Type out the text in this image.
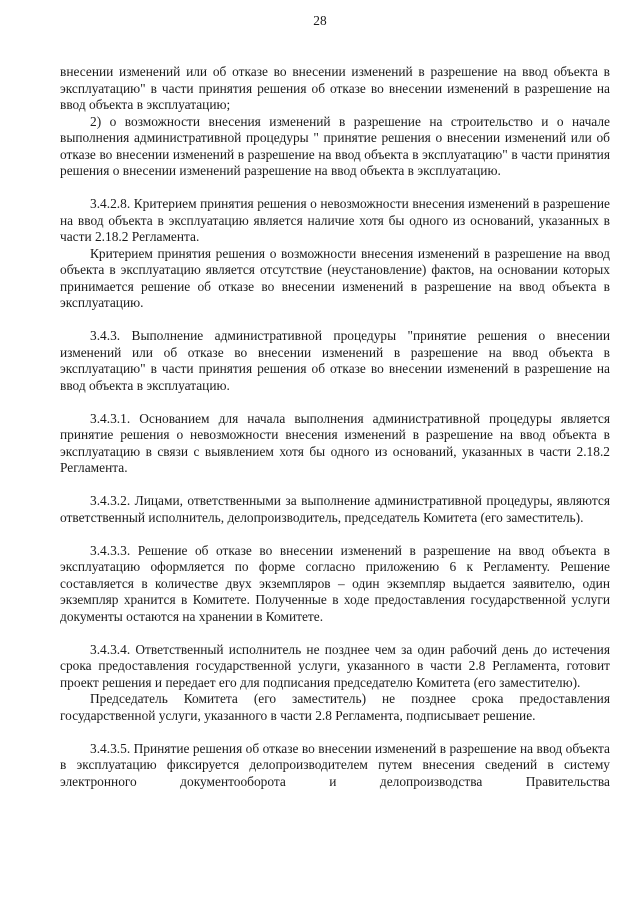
28

внесении изменений или об отказе во внесении изменений в разрешение на ввод объекта в эксплуатацию" в части принятия решения об отказе во внесении изменений в разрешение на ввод объекта в эксплуатацию;

2) о возможности внесения изменений в разрешение на строительство и о начале выполнения административной процедуры " принятие решения о внесении изменений или об отказе во внесении изменений в разрешение на ввод объекта в эксплуатацию" в части принятия решения о внесении изменений разрешение на ввод объекта в эксплуатацию.

3.4.2.8. Критерием принятия решения о невозможности внесения изменений в разрешение на ввод объекта в эксплуатацию является наличие хотя бы одного из оснований, указанных в части 2.18.2 Регламента.

Критерием принятия решения о возможности внесения изменений в разрешение на ввод объекта в эксплуатацию является отсутствие (неустановление) фактов, на основании которых принимается решение об отказе во внесении изменений в разрешение на ввод объекта в эксплуатацию.

3.4.3. Выполнение административной процедуры "принятие решения о внесении изменений или об отказе во внесении изменений в разрешение на ввод объекта в эксплуатацию" в части принятия решения об отказе во внесении изменений в разрешение на ввод объекта в эксплуатацию.

3.4.3.1. Основанием для начала выполнения административной процедуры является принятие решения о невозможности внесения изменений в разрешение на ввод объекта в эксплуатацию в связи с выявлением хотя бы одного из оснований, указанных в части 2.18.2 Регламента.

3.4.3.2. Лицами, ответственными за выполнение административной процедуры, являются ответственный исполнитель, делопроизводитель, председатель Комитета (его заместитель).

3.4.3.3. Решение об отказе во внесении изменений в разрешение на ввод объекта в эксплуатацию оформляется по форме согласно приложению 6 к Регламенту. Решение составляется в количестве двух экземпляров – один экземпляр выдается заявителю, один экземпляр хранится в Комитете. Полученные в ходе предоставления государственной услуги документы остаются на хранении в Комитете.

3.4.3.4. Ответственный исполнитель не позднее чем за один рабочий день до истечения срока предоставления государственной услуги, указанного в части 2.8 Регламента, готовит проект решения и передает его для подписания председателю Комитета (его заместителю).

Председатель Комитета (его заместитель) не позднее срока предоставления государственной услуги, указанного в части 2.8 Регламента, подписывает решение.

3.4.3.5. Принятие решения об отказе во внесении изменений в разрешение на ввод объекта в эксплуатацию фиксируется делопроизводителем путем внесения сведений в систему электронного документооборота и делопроизводства Правительства
